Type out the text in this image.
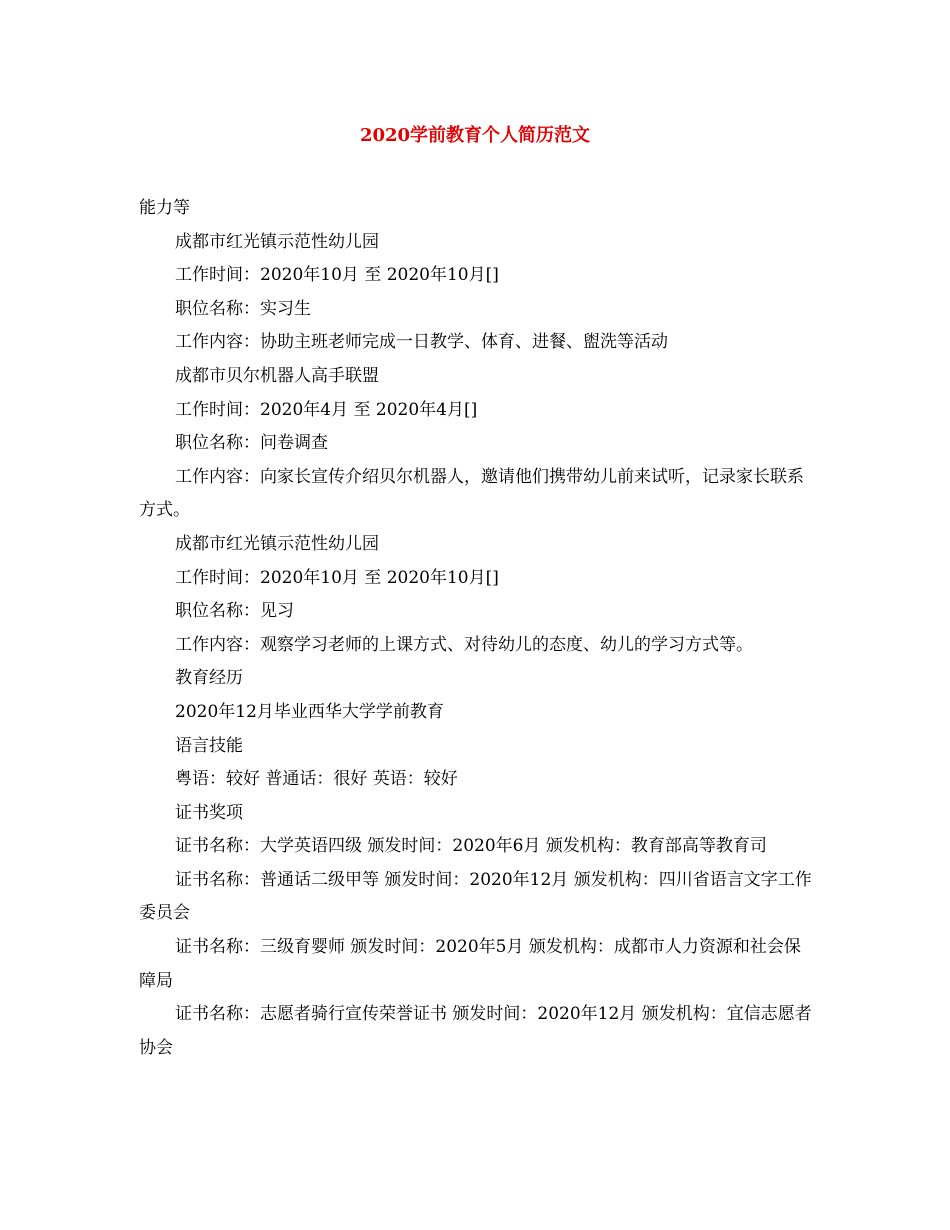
2020学前教育个人简历范文

能力等

成都市红光镇示范性幼儿园

工作时间：2020年10月 至 2020年10月[]

职位名称：实习生

工作内容：协助主班老师完成一日教学、体育、进餐、盥洗等活动

成都市贝尔机器人高手联盟

工作时间：2020年4月 至 2020年4月[]

职位名称：问卷调查

工作内容：向家长宣传介绍贝尔机器人，邀请他们携带幼儿前来试听，记录家长联系方式。

成都市红光镇示范性幼儿园

工作时间：2020年10月 至 2020年10月[]

职位名称：见习

工作内容：观察学习老师的上课方式、对待幼儿的态度、幼儿的学习方式等。

教育经历

2020年12月毕业西华大学学前教育

语言技能

粤语：较好 普通话：很好 英语：较好

证书奖项

证书名称：大学英语四级 颁发时间：2020年6月 颁发机构：教育部高等教育司

证书名称：普通话二级甲等 颁发时间：2020年12月 颁发机构：四川省语言文字工作委员会

证书名称：三级育婴师 颁发时间：2020年5月 颁发机构：成都市人力资源和社会保障局

证书名称：志愿者骑行宣传荣誉证书 颁发时间：2020年12月 颁发机构：宜信志愿者协会
